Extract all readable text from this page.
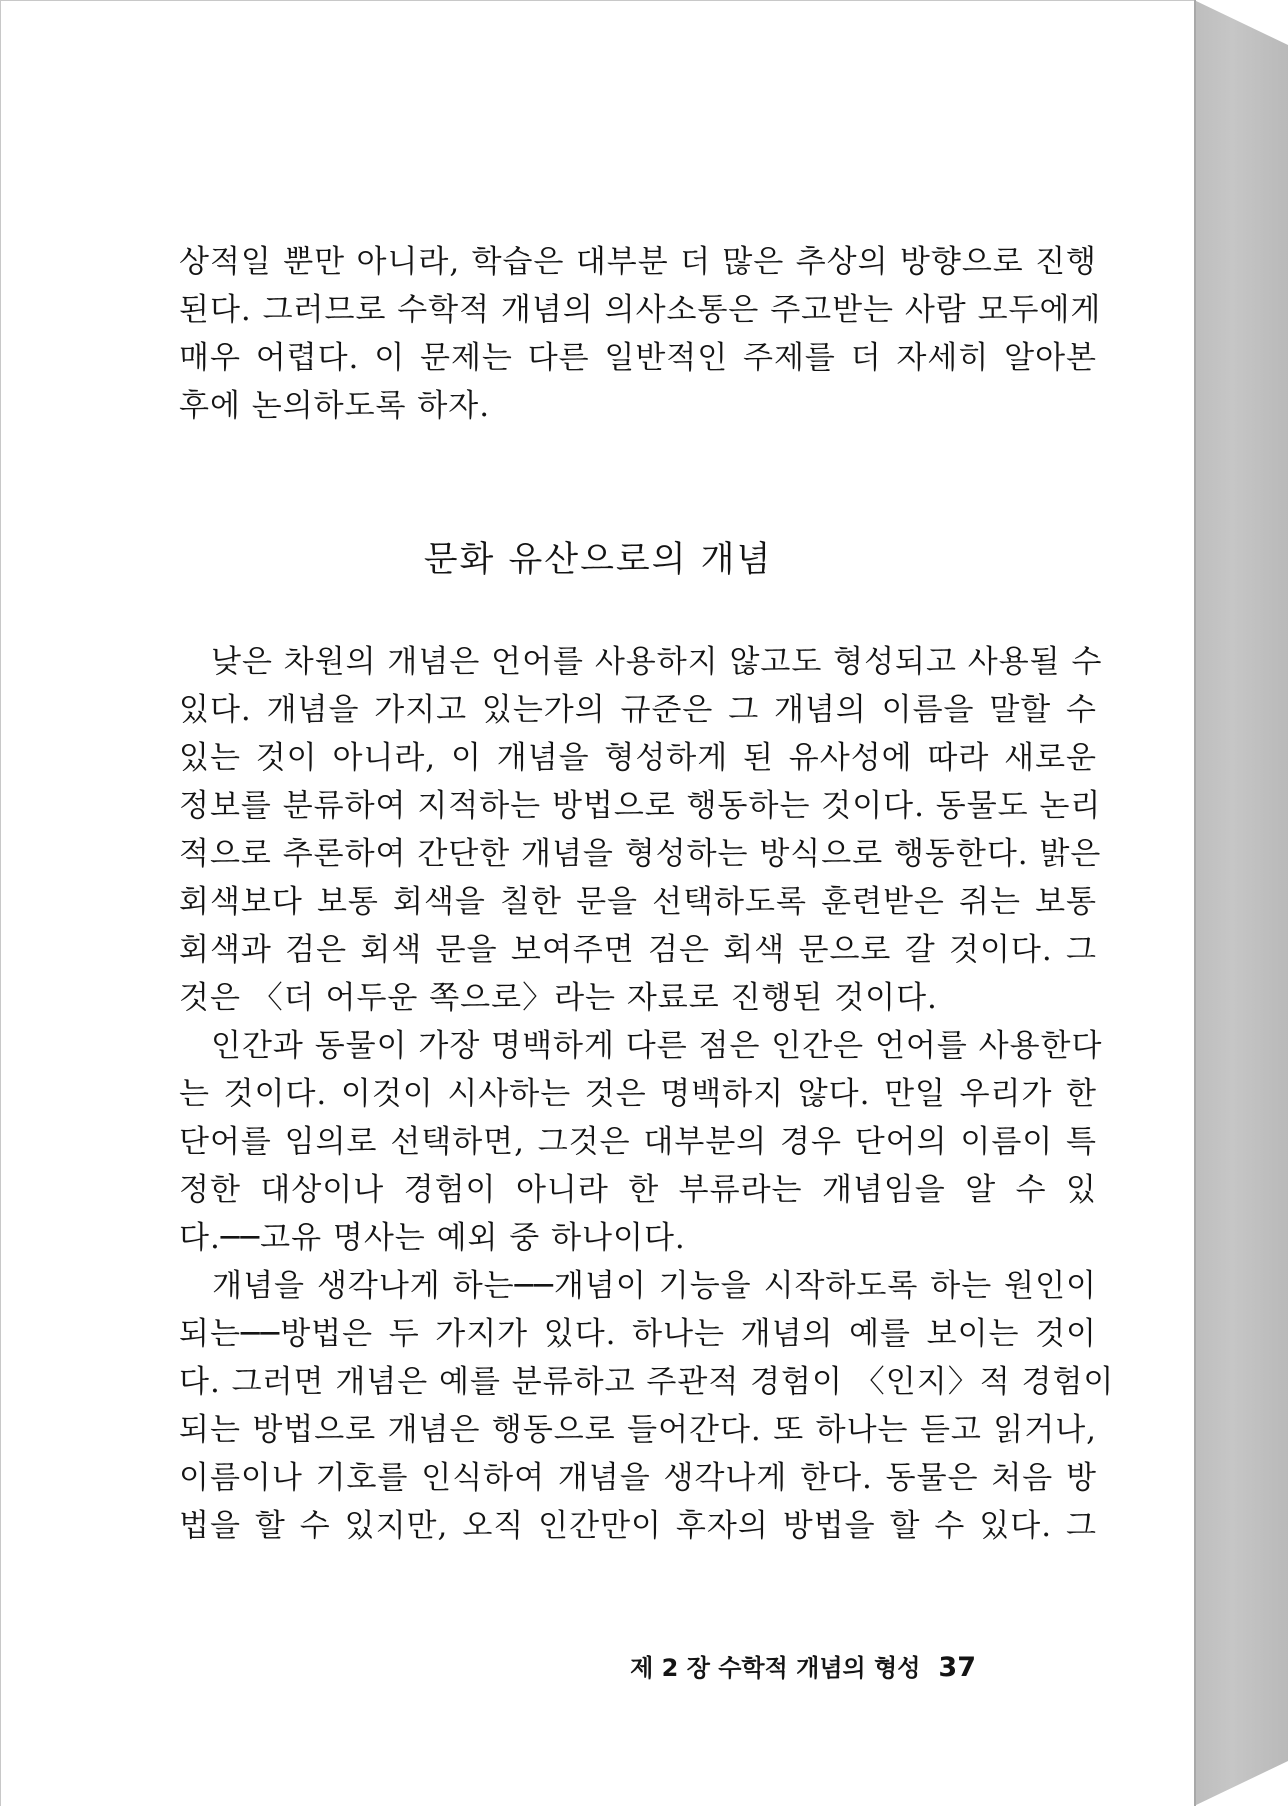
상적일 뿐만 아니라, 학습은 대부분 더 많은 추상의 방향으로 진행
된다. 그러므로 수학적 개념의 의사소통은 주고받는 사람 모두에게
매우 어렵다. 이 문제는 다른 일반적인 주제를 더 자세히 알아본
후에 논의하도록 하자.
문화 유산으로의 개념
　낮은 차원의 개념은 언어를 사용하지 않고도 형성되고 사용될 수
있다. 개념을 가지고 있는가의 규준은 그 개념의 이름을 말할 수
있는 것이 아니라, 이 개념을 형성하게 된 유사성에 따라 새로운
정보를 분류하여 지적하는 방법으로 행동하는 것이다. 동물도 논리
적으로 추론하여 간단한 개념을 형성하는 방식으로 행동한다. 밝은
회색보다 보통 회색을 칠한 문을 선택하도록 훈련받은 쥐는 보통
회색과 검은 회색 문을 보여주면 검은 회색 문으로 갈 것이다. 그
것은 〈더 어두운 쪽으로〉라는 자료로 진행된 것이다.
　인간과 동물이 가장 명백하게 다른 점은 인간은 언어를 사용한다
는 것이다. 이것이 시사하는 것은 명백하지 않다. 만일 우리가 한
단어를 임의로 선택하면, 그것은 대부분의 경우 단어의 이름이 특
정한 대상이나 경험이 아니라 한 부류라는 개념임을 알 수 있
다.──고유 명사는 예외 중 하나이다.
　개념을 생각나게 하는──개념이 기능을 시작하도록 하는 원인이
되는──방법은 두 가지가 있다. 하나는 개념의 예를 보이는 것이
다. 그러면 개념은 예를 분류하고 주관적 경험이 〈인지〉적 경험이
되는 방법으로 개념은 행동으로 들어간다. 또 하나는 듣고 읽거나,
이름이나 기호를 인식하여 개념을 생각나게 한다. 동물은 처음 방
법을 할 수 있지만, 오직 인간만이 후자의 방법을 할 수 있다. 그
제 2 장 수학적 개념의 형성 37
